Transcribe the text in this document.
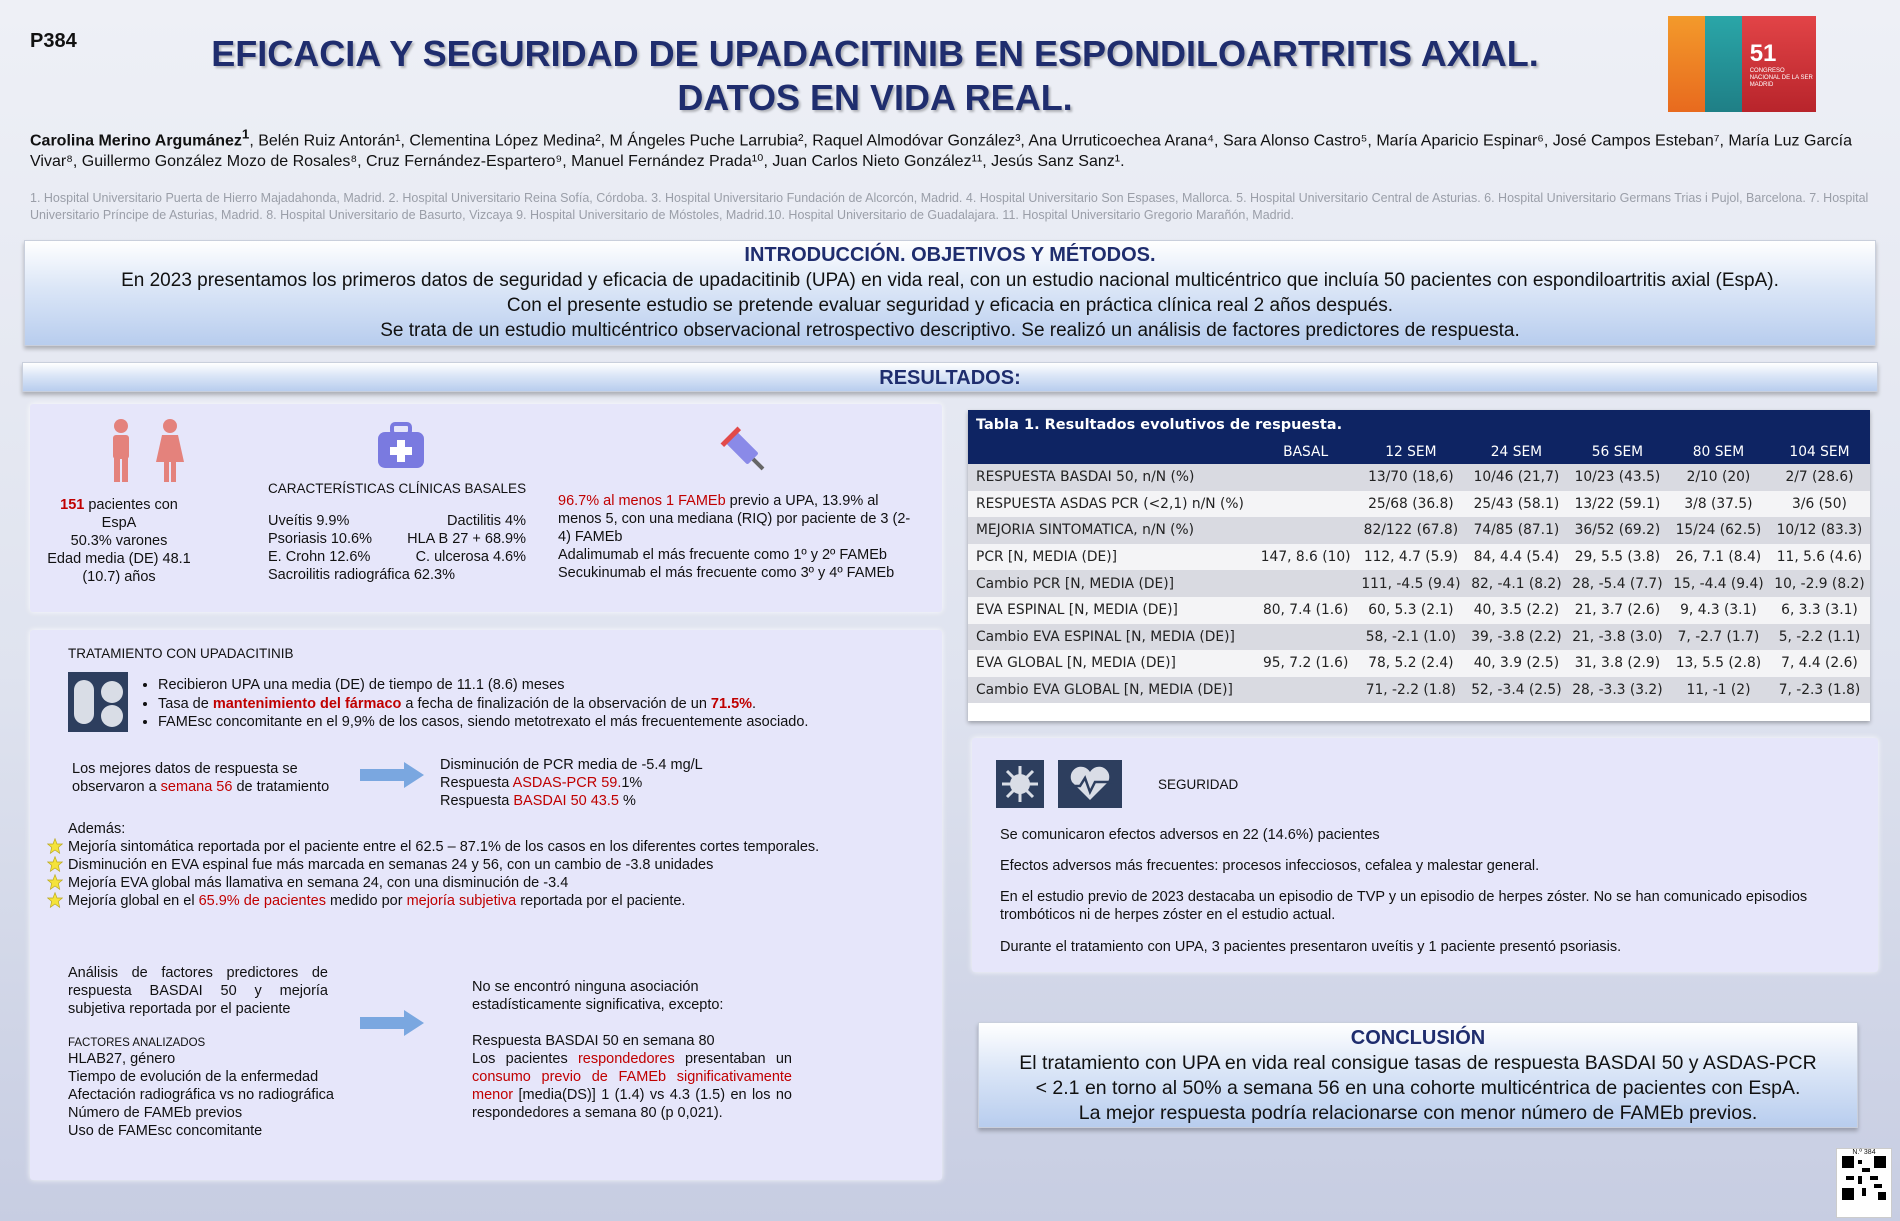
P384	EFICACIA Y SEGURIDAD DE UPADACITINIB EN ESPONDILOARTRITIS AXIAL.
DATOS EN VIDA REAL.
51
CONGRESO NACIONAL DE LA SER MADRID
Carolina Merino Argumánez$^1$, Belén Ruiz Antorán¹, Clementina López Medina², M Ángeles Puche Larrubia², Raquel Almodóvar González³, Ana Urruticoechea Arana⁴, Sara Alonso Castro⁵, María Aparicio Espinar⁶, José Campos Esteban⁷, María Luz García Vivar⁸, Guillermo González Mozo de Rosales⁸, Cruz Fernández-Espartero⁹, Manuel Fernández Prada¹⁰, Juan Carlos Nieto González¹¹, Jesús Sanz Sanz¹.
1. Hospital Universitario Puerta de Hierro Majadahonda, Madrid. 2. Hospital Universitario Reina Sofía, Córdoba. 3. Hospital Universitario Fundación de Alcorcón, Madrid. 4. Hospital Universitario Son Espases, Mallorca. 5. Hospital Universitario Central de Asturias. 6. Hospital Universitario Germans Trias i Pujol, Barcelona. 7. Hospital Universitario Príncipe de Asturias, Madrid. 8. Hospital Universitario de Basurto, Vizcaya 9. Hospital Universitario de Móstoles, Madrid.10. Hospital Universitario de Guadalajara. 11. Hospital Universitario Gregorio Marañón, Madrid.
INTRODUCCIÓN. OBJETIVOS Y MÉTODOS.

En 2023 presentamos los primeros datos de seguridad y eficacia de upadacitinib (UPA) en vida real, con un estudio nacional multicéntrico que incluía 50 pacientes con espondiloartritis axial (EspA).

Con el presente estudio se pretende evaluar seguridad y eficacia en práctica clínica real 2 años después.

Se trata de un estudio multicéntrico observacional retrospectivo descriptivo. Se realizó un análisis de factores predictores de respuesta.

RESULTADOS:
151 pacientes con EspA
50.3% varones
Edad media (DE) 48.1 (10.7) años
CARACTERÍSTICAS CLÍNICAS BASALES
Uveítis 9.9%	Dactilitis 4%
Psoriasis 10.6% HLA B 27 + 68.9%
E. Crohn 12.6%	C. ulcerosa 4.6%
Sacroilitis radiográfica 62.3%
96.7% al menos 1 FAMEb previo a UPA, 13.9% al menos 5, con una mediana (RIQ) por paciente de 3 (2-4) FAMEb
Adalimumab el más frecuente como 1º y 2º FAMEb
Secukinumab el más frecuente como 3º y 4º FAMEb
TRATAMIENTO CON UPADACITINIB
• Recibieron UPA una media (DE) de tiempo de 11.1 (8.6) meses
• Tasa de mantenimiento del fármaco a fecha de finalización de la observación de un 71.5%.
• FAMEsc concomitante en el 9,9% de los casos, siendo metotrexato el más frecuentemente asociado.
Los mejores datos de respuesta se
observaron a semana 56 de tratamiento
Disminución de PCR media de -5.4 mg/L
Respuesta ASDAS-PCR 59.1%
Respuesta BASDAI 50 43.5 %
Además:
Mejoría sintomática reportada por el paciente entre el 62.5 – 87.1% de los casos en los diferentes cortes temporales.
Disminución en EVA espinal fue más marcada en semanas 24 y 56, con un cambio de -3.8 unidades
Mejoría EVA global más llamativa en semana 24, con una disminución de -3.4
Mejoría global en el 65.9% de pacientes medido por mejoría subjetiva reportada por el paciente.
Análisis de factores predictores de respuesta BASDAI 50 y mejoría subjetiva reportada por el paciente
FACTORES ANALIZADOS
HLAB27, género
Tiempo de evolución de la enfermedad
Afectación radiográfica vs no radiográfica
Número de FAMEb previos
Uso de FAMEsc concomitante
No se encontró ninguna asociación estadísticamente significativa, excepto:
Respuesta BASDAI 50 en semana 80
Los pacientes respondedores presentaban un consumo previo de FAMEb significativamente menor [media(DS)] 1 (1.4) vs 4.3 (1.5) en los no respondedores a semana 80 (p 0,021).
Tabla 1. Resultados evolutivos de respuesta.						
	BASAL	12 SEM	24 SEM	56 SEM	80 SEM	104 SEM
RESPUESTA BASDAI 50, n/N (%)		13/70 (18,6)	10/46 (21,7)	10/23 (43.5)	2/10 (20)	2/7 (28.6)
RESPUESTA ASDAS PCR (<2,1) n/N (%)		25/68 (36.8)	25/43 (58.1)	13/22 (59.1)	3/8 (37.5)	3/6 (50)
MEJORIA SINTOMATICA, n/N (%)		82/122 (67.8)	74/85 (87.1)	36/52 (69.2)	15/24 (62.5)	10/12 (83.3)
PCR [N, MEDIA (DE)]	147, 8.6 (10)	112, 4.7 (5.9)	84, 4.4 (5.4)	29, 5.5 (3.8)	26, 7.1 (8.4)	11, 5.6 (4.6)
Cambio PCR [N, MEDIA (DE)]		111, -4.5 (9.4)	82, -4.1 (8.2)	28, -5.4 (7.7)	15, -4.4 (9.4)	10, -2.9 (8.2)
EVA ESPINAL [N, MEDIA (DE)]	80, 7.4 (1.6)	60, 5.3 (2.1)	40, 3.5 (2.2)	21, 3.7 (2.6)	9, 4.3 (3.1)	6, 3.3 (3.1)
Cambio EVA ESPINAL [N, MEDIA (DE)]		58, -2.1 (1.0)	39, -3.8 (2.2)	21, -3.8 (3.0)	7, -2.7 (1.7)	5, -2.2 (1.1)
EVA GLOBAL [N, MEDIA (DE)]	95, 7.2 (1.6)	78, 5.2 (2.4)	40, 3.9 (2.5)	31, 3.8 (2.9)	13, 5.5 (2.8)	7, 4.4 (2.6)
Cambio EVA GLOBAL [N, MEDIA (DE)]		71, -2.2 (1.8)	52, -3.4 (2.5)	28, -3.3 (3.2)	11, -1 (2)	7, -2.3 (1.8)
SEGURIDAD
Se comunicaron efectos adversos en 22 (14.6%) pacientes
Efectos adversos más frecuentes: procesos infecciosos, cefalea y malestar general.
En el estudio previo de 2023 destacaba un episodio de TVP y un episodio de herpes zóster. No se han comunicado episodios trombóticos ni de herpes zóster en el estudio actual.
Durante el tratamiento con UPA, 3 pacientes presentaron uveítis y 1 paciente presentó psoriasis.
CONCLUSIÓN

El tratamiento con UPA en vida real consigue tasas de respuesta BASDAI 50 y ASDAS-PCR

< 2.1 en torno al 50% a semana 56 en una cohorte multicéntrica de pacientes con EspA.

La mejor respuesta podría relacionarse con menor número de FAMEb previos.

N.º 384
